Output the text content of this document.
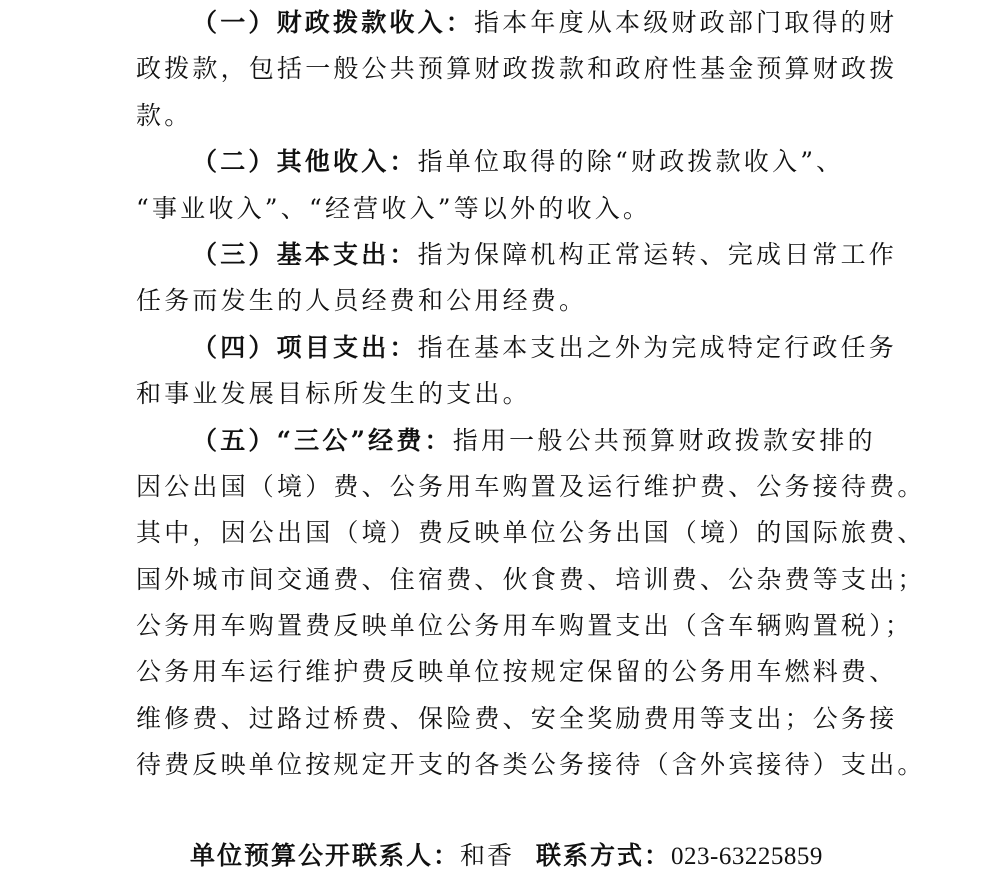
（一）财政拨款收入：指本年度从本级财政部门取得的财
政拨款，包括一般公共预算财政拨款和政府性基金预算财政拨
款。
（二）其他收入：指单位取得的除“财政拨款收入”、
“事业收入”、“经营收入”等以外的收入。
（三）基本支出：指为保障机构正常运转、完成日常工作
任务而发生的人员经费和公用经费。
（四）项目支出：指在基本支出之外为完成特定行政任务
和事业发展目标所发生的支出。
（五）“三公”经费：指用一般公共预算财政拨款安排的
因公出国（境）费、公务用车购置及运行维护费、公务接待费。
其中，因公出国（境）费反映单位公务出国（境）的国际旅费、
国外城市间交通费、住宿费、伙食费、培训费、公杂费等支出；
公务用车购置费反映单位公务用车购置支出（含车辆购置税）；
公务用车运行维护费反映单位按规定保留的公务用车燃料费、
维修费、过路过桥费、保险费、安全奖励费用等支出；公务接
待费反映单位按规定开支的各类公务接待（含外宾接待）支出。
单位预算公开联系人：和香 联系方式：023-63225859
